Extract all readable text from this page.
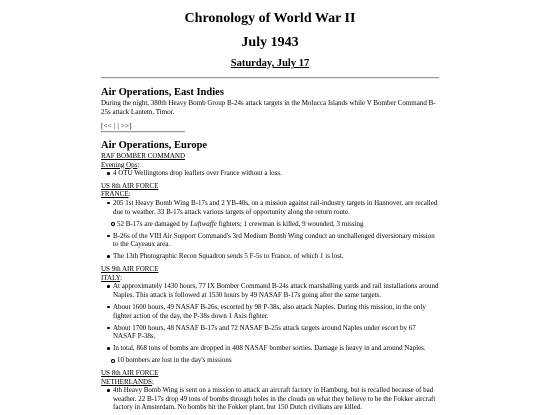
Chronology of World War II
July 1943
Saturday, July 17
Air Operations, East Indies

During the night, 380th Heavy Bomb Group B-24s attack targets in the Molucca Islands while V Bomber Command B-25s attack Lautem, Timor.

[<< | | >>]
Air Operations, Europe

RAF BOMBER COMMAND

Evening Ops:

4 OTU Wellingtons drop leaflets over France without a loss.

US 8th AIR FORCE

FRANCE:

205 1st Heavy Bomb Wing B-17s and 2 YB-40s, on a mission against rail-industry targets in Hannover, are recalled due to weather. 33 B-17s attack various targets of opportunity along the return route.
52 B-17s are damaged by Luftwaffe fighters; 1 crewman is killed, 9 wounded, 3 missing
B-26s of the VIII Air Support Command's 3rd Medium Bomb Wing conduct an unchallenged diversionary mission to the Cayeaux area.
The 13th Photographic Recon Squadron sends 5 F-5s to France, of which 1 is lost.

US 9th AIR FORCE

ITALY:

At approximately 1430 hours, 77 IX Bomber Command B-24s attack marshalling yards and rail installations around Naples. This attack is followed at 1530 hours by 49 NASAF B-17s going after the same targets.
About 1600 hours, 49 NASAF B-26s, escorted by 98 P-38s, also attack Naples. During this mission, in the only fighter action of the day, the P-38s down 1 Axis fighter.
About 1700 hours, 48 NASAF B-17s and 72 NASAF B-25s attack targets around Naples under escort by 67 NASAF P-38s.
In total, 868 tons of bombs are dropped in 408 NASAF bomber sorties. Damage is heavy in and around Naples.
10 bombers are lost in the day's missions

US 8th AIR FORCE

NETHERLANDS:

4th Heavy Bomb Wing is sent on a mission to attack an aircraft factory in Hamburg, but is recalled because of bad weather. 22 B-17s drop 49 tons of bombs through holes in the clouds on what they believe to be the Fokker aircraft factory in Amsterdam. No bombs hit the Fokker plant, but 150 Dutch civilians are killed.
